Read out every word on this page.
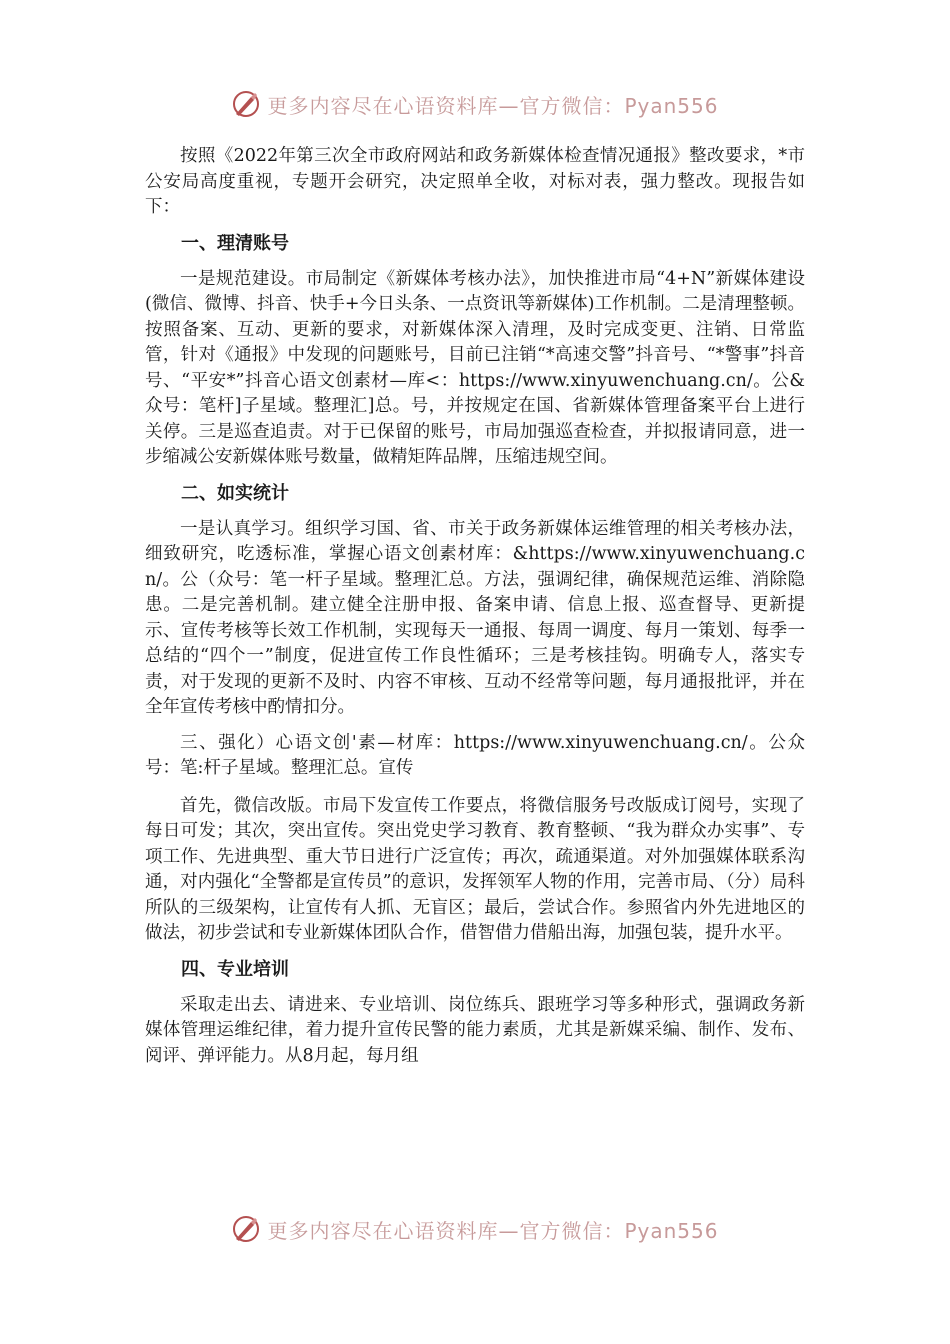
更多内容尽在心语资料库—官方微信：Pyan556

按照《2022年第三次全市政府网站和政务新媒体检查情况通报》整改要求，*市公安局高度重视，专题开会研究，决定照单全收，对标对表，强力整改。现报告如下：

一、理清账号

一是规范建设。市局制定《新媒体考核办法》，加快推进市局“4+N”新媒体建设(微信、微博、抖音、快手+今日头条、一点资讯等新媒体)工作机制。二是清理整顿。按照备案、互动、更新的要求，对新媒体深入清理，及时完成变更、注销、日常监管，针对《通报》中发现的问题账号，目前已注销“*高速交警”抖音号、“*警事”抖音号、“平安*”抖音心语文创素材—库<：https://www.xinyuwenchuang.cn/。公&众号：笔杆]子星域。整理汇]总。号，并按规定在国、省新媒体管理备案平台上进行关停。三是巡查追责。对于已保留的账号，市局加强巡查检查，并拟报请同意，进一步缩减公安新媒体账号数量，做精矩阵品牌，压缩违规空间。

二、如实统计

一是认真学习。组织学习国、省、市关于政务新媒体运维管理的相关考核办法，细致研究，吃透标准，掌握心语文创素材库：&https://www.xinyuwenchuang.cn/。公（众号：笔一杆子星域。整理汇总。方法，强调纪律，确保规范运维、消除隐患。二是完善机制。建立健全注册申报、备案申请、信息上报、巡查督导、更新提示、宣传考核等长效工作机制，实现每天一通报、每周一调度、每月一策划、每季一总结的“四个一”制度，促进宣传工作良性循环；三是考核挂钩。明确专人，落实专责，对于发现的更新不及时、内容不审核、互动不经常等问题，每月通报批评，并在全年宣传考核中酌情扣分。

三、强化）心语文创'素—材库：https://www.xinyuwenchuang.cn/。公众号：笔:杆子星域。整理汇总。宣传

首先，微信改版。市局下发宣传工作要点，将微信服务号改版成订阅号，实现了每日可发；其次，突出宣传。突出党史学习教育、教育整顿、“我为群众办实事”、专项工作、先进典型、重大节日进行广泛宣传；再次，疏通渠道。对外加强媒体联系沟通，对内强化“全警都是宣传员”的意识，发挥领军人物的作用，完善市局、（分）局科所队的三级架构，让宣传有人抓、无盲区；最后，尝试合作。参照省内外先进地区的做法，初步尝试和专业新媒体团队合作，借智借力借船出海，加强包装，提升水平。

四、专业培训

采取走出去、请进来、专业培训、岗位练兵、跟班学习等多种形式，强调政务新媒体管理运维纪律，着力提升宣传民警的能力素质，尤其是新媒采编、制作、发布、阅评、弹评能力。从8月起，每月组

更多内容尽在心语资料库—官方微信：Pyan556
